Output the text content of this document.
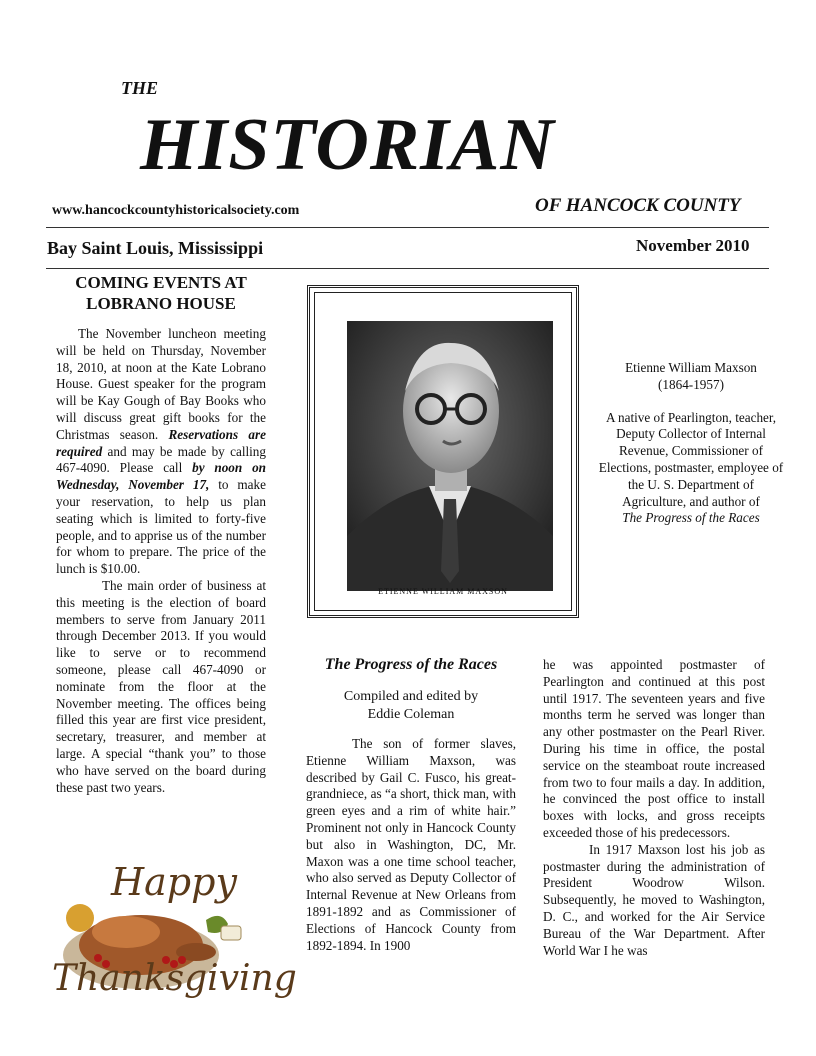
THE
HISTORIAN
www.hancockcountyhistoricalsociety.com	OF HANCOCK COUNTY
Bay Saint Louis, Mississippi	November 2010
COMING EVENTS AT LOBRANO HOUSE

The November luncheon meeting will be held on Thursday, November 18, 2010, at noon at the Kate Lobrano House. Guest speaker for the program will be Kay Gough of Bay Books who will discuss great gift books for the Christmas season. Reservations are required and may be made by calling 467-4090. Please call by noon on Wednesday, November 17, to make your reservation, to help us plan seating which is limited to forty-five people, and to apprise us of the number for whom to prepare. The price of the lunch is $10.00.

The main order of business at this meeting is the election of board members to serve from January 2011 through December 2013. If you would like to serve or to recommend someone, please call 467-4090 or nominate from the floor at the November meeting. The offices being filled this year are first vice president, secretary, treasurer, and member at large. A special “thank you” to those who have served on the board during these past two years.

ETIENNE WILLIAM MAXSON

Etienne William Maxson

(1864-1957)

A native of Pearlington, teacher, Deputy Collector of Internal Revenue, Commissioner of Elections, postmaster, employee of the U. S. Department of Agriculture, and author of

The Progress of the Races

The Progress of the Races
Compiled and edited by
Eddie Coleman

The son of former slaves, Etienne William Maxson, was described by Gail C. Fusco, his great-grandniece, as “a short, thick man, with green eyes and a rim of white hair.” Prominent not only in Hancock County but also in Washington, DC, Mr. Maxon was a one time school teacher, who also served as Deputy Collector of Internal Revenue at New Orleans from 1891-1892 and as Commissioner of Elections of Hancock County from 1892-1894. In 1900

he was appointed postmaster of Pearlington and continued at this post until 1917. The seventeen years and five months term he served was longer than any other postmaster on the Pearl River. During his time in office, the postal service on the steamboat route increased from two to four mails a day. In addition, he convinced the post office to install boxes with locks, and gross receipts exceeded those of his predecessors.

In 1917 Maxson lost his job as postmaster during the administration of President Woodrow Wilson. Subsequently, he moved to Washington, D. C., and worked for the Air Service Bureau of the War Department. After World War I he was

Happy
Thanksgiving
